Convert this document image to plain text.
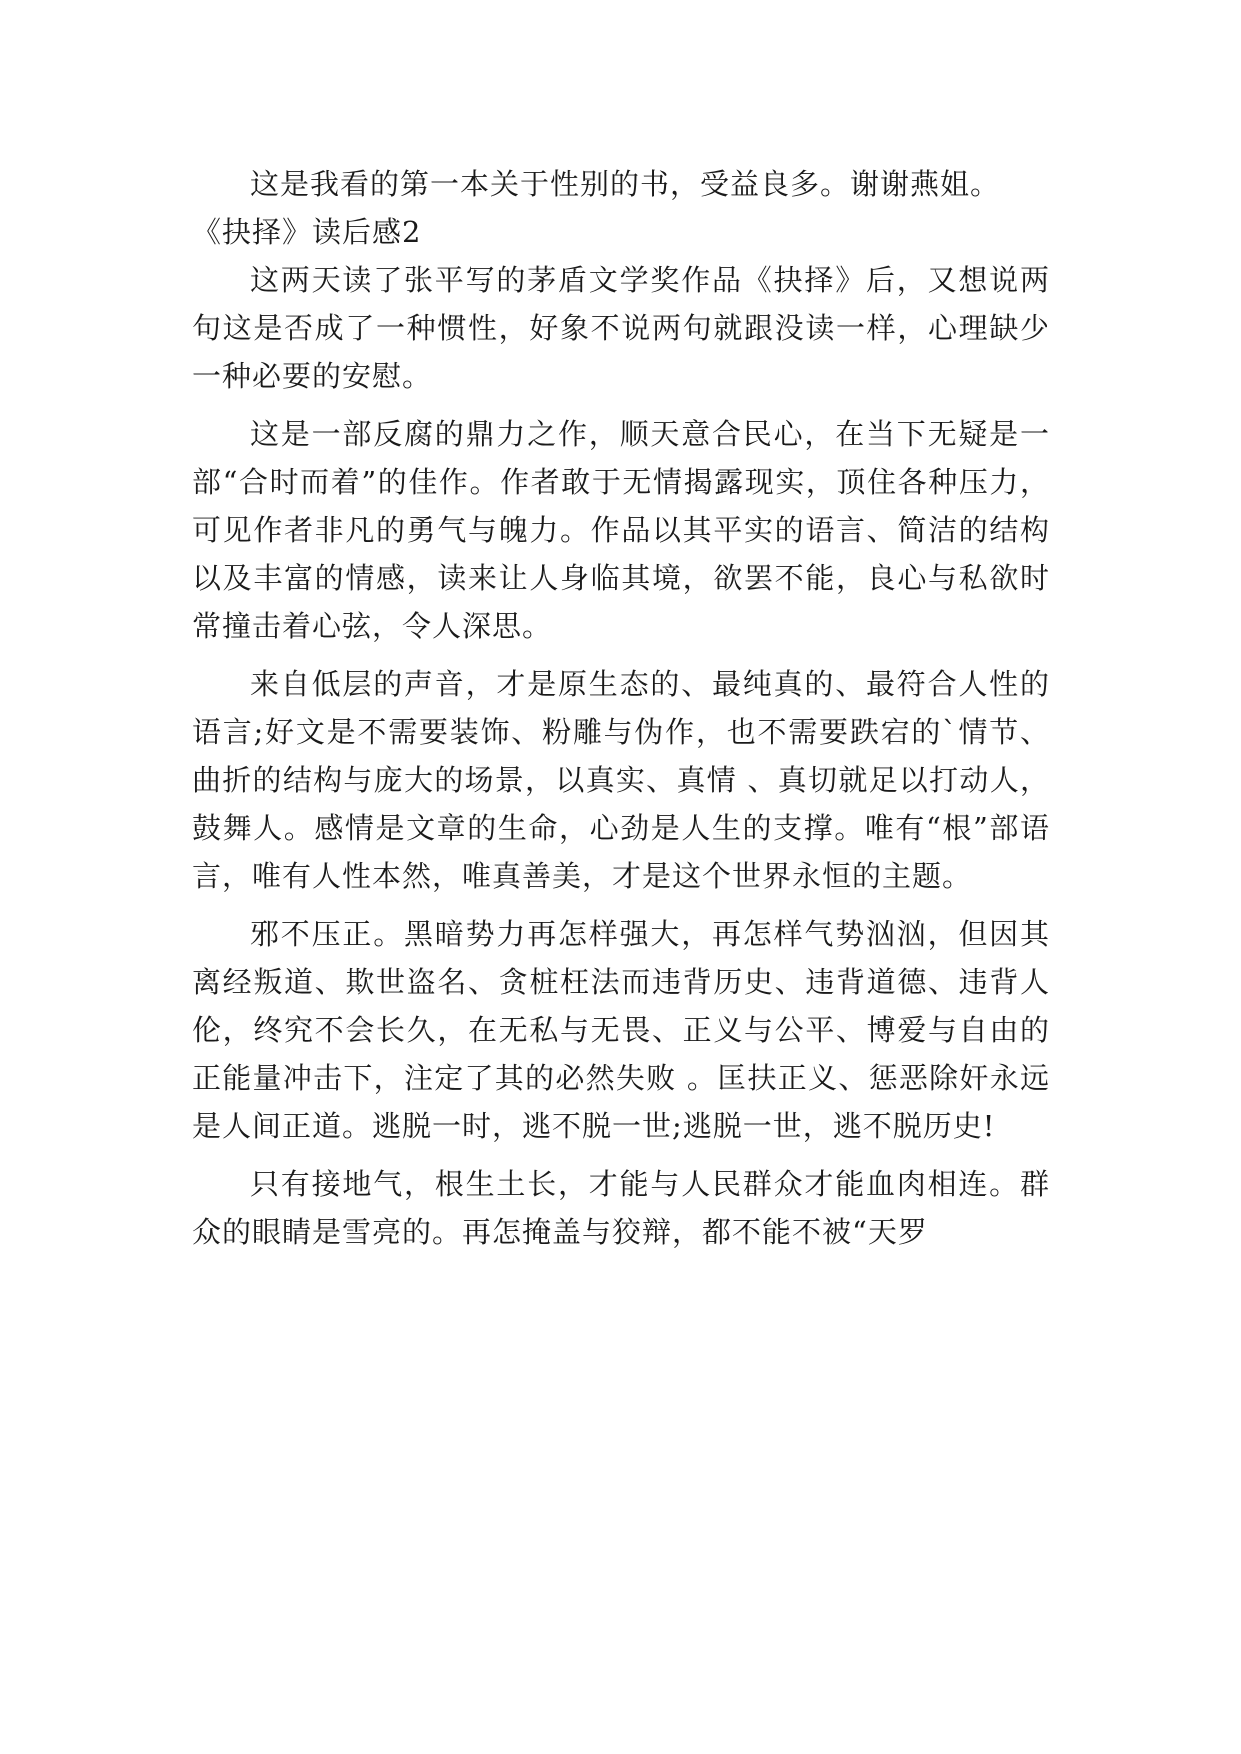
这是我看的第一本关于性别的书，受益良多。谢谢燕姐。

《抉择》读后感2

这两天读了张平写的茅盾文学奖作品《抉择》后，又想说两句这是否成了一种惯性，好象不说两句就跟没读一样，心理缺少一种必要的安慰。

这是一部反腐的鼎力之作，顺天意合民心，在当下无疑是一部“合时而着”的佳作。作者敢于无情揭露现实，顶住各种压力，可见作者非凡的勇气与魄力。作品以其平实的语言、简洁的结构以及丰富的情感，读来让人身临其境，欲罢不能，良心与私欲时常撞击着心弦，令人深思。

来自低层的声音，才是原生态的、最纯真的、最符合人性的语言;好文是不需要装饰、粉雕与伪作，也不需要跌宕的`情节、曲折的结构与庞大的场景，以真实、真情 、真切就足以打动人，鼓舞人。感情是文章的生命，心劲是人生的支撑。唯有“根”部语言，唯有人性本然，唯真善美，才是这个世界永恒的主题。

邪不压正。黑暗势力再怎样强大，再怎样气势汹汹，但因其离经叛道、欺世盗名、贪桩枉法而违背历史、违背道德、违背人伦，终究不会长久，在无私与无畏、正义与公平、博爱与自由的正能量冲击下，注定了其的必然失败 。匡扶正义、惩恶除奸永远是人间正道。逃脱一时，逃不脱一世;逃脱一世，逃不脱历史!

只有接地气，根生土长，才能与人民群众才能血肉相连。群众的眼睛是雪亮的。再怎掩盖与狡辩，都不能不被“天罗
